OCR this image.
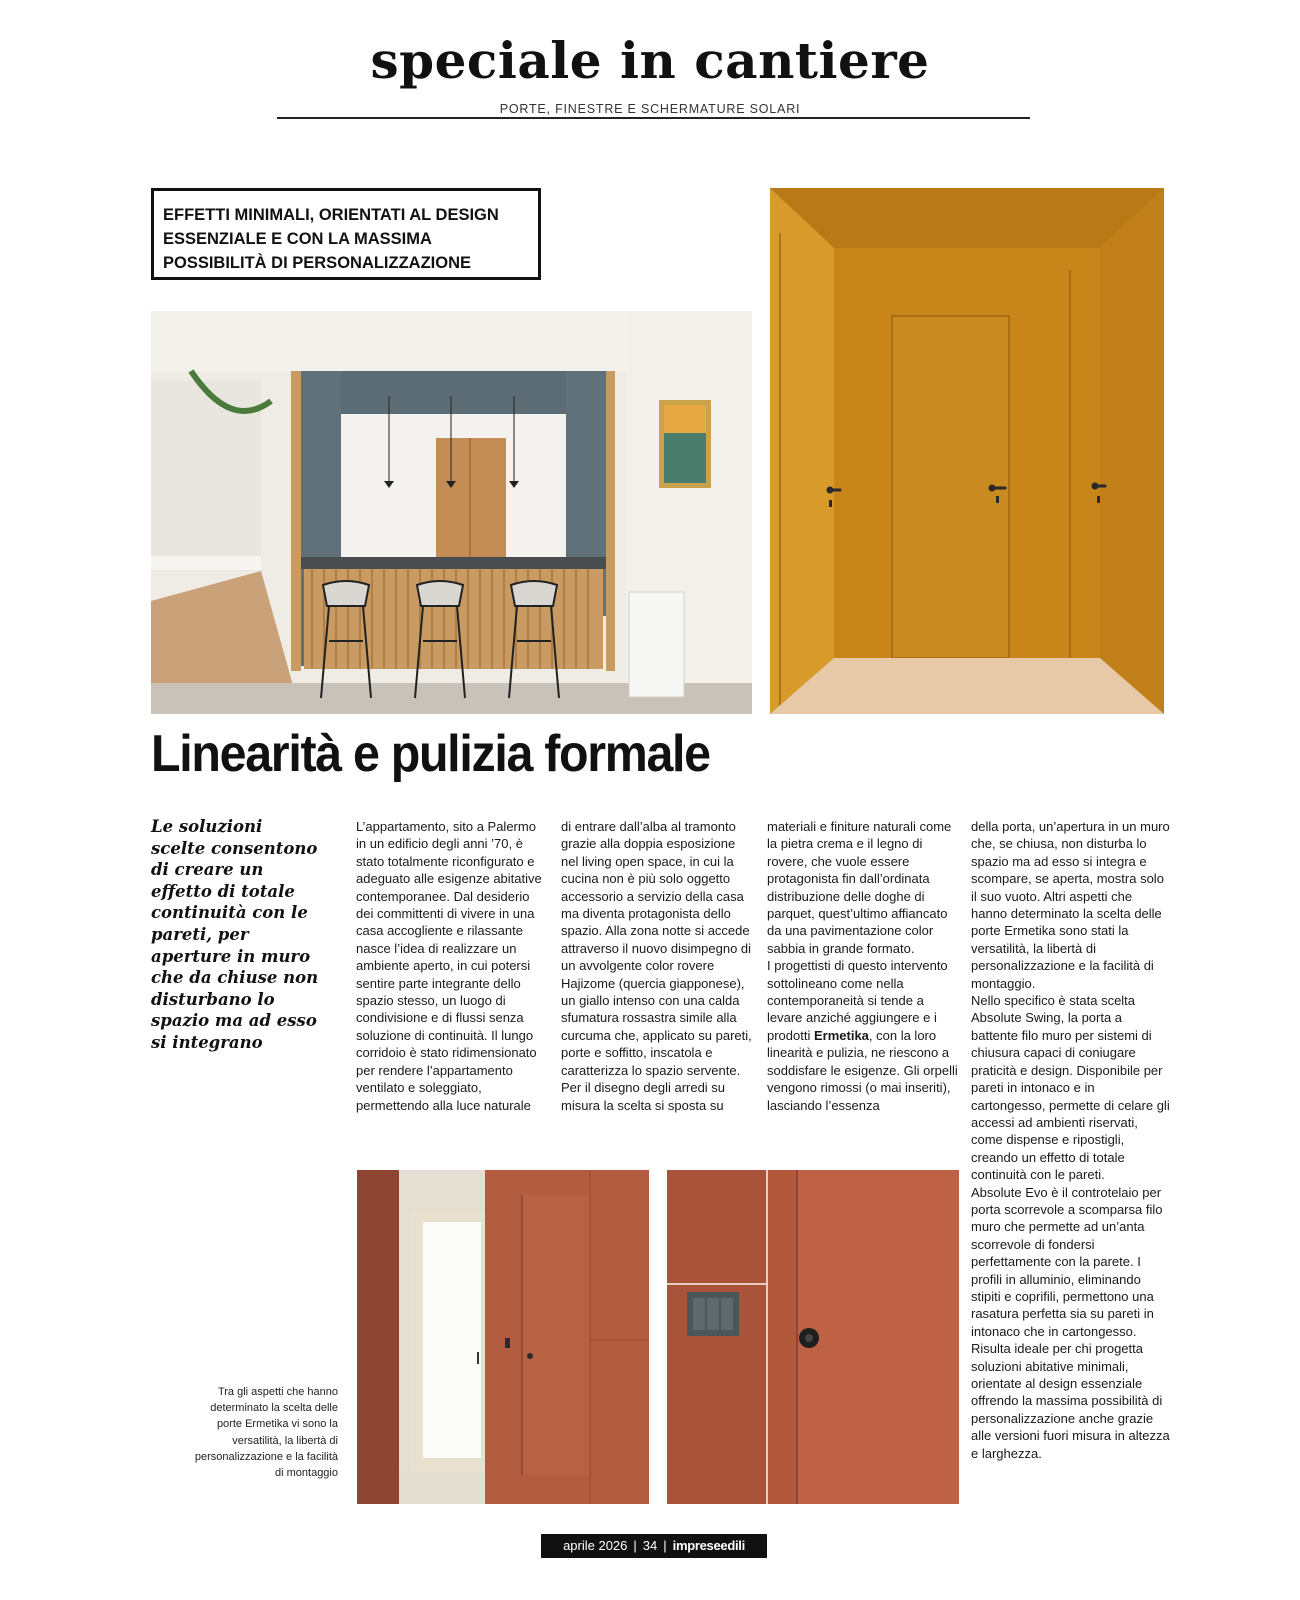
speciale in cantiere
PORTE, FINESTRE E SCHERMATURE SOLARI
EFFETTI MINIMALI, ORIENTATI AL DESIGN ESSENZIALE E CON LA MASSIMA POSSIBILITÀ DI PERSONALIZZAZIONE
Linearità e pulizia formale

Le soluzioni scelte consentono di creare un effetto di totale continuità con le pareti, per aperture in muro che da chiuse non disturbano lo spazio ma ad esso si integrano

L’appartamento, sito a Palermo in un edificio degli anni ’70, è stato totalmente riconfigurato e adeguato alle esigenze abitative contemporanee. Dal desiderio dei committenti di vivere in una casa accogliente e rilassante nasce l’idea di realizzare un ambiente aperto, in cui potersi sentire parte integrante dello spazio stesso, un luogo di condivisione e di flussi senza soluzione di continuità. Il lungo corridoio è stato ridimensionato per rendere l’appartamento ventilato e soleggiato, permettendo alla luce naturale
di entrare dall’alba al tramonto grazie alla doppia esposizione nel living open space, in cui la cucina non è più solo oggetto accessorio a servizio della casa ma diventa protagonista dello spazio. Alla zona notte si accede attraverso il nuovo disimpegno di un avvolgente color rovere Hajizome (quercia giapponese), un giallo intenso con una calda sfumatura rossastra simile alla curcuma che, applicato su pareti, porte e soffitto, inscatola e caratterizza lo spazio servente. Per il disegno degli arredi su misura la scelta si sposta su
materiali e finiture naturali come la pietra crema e il legno di rovere, che vuole essere protagonista fin dall’ordinata distribuzione delle doghe di parquet, quest’ultimo affiancato da una pavimentazione color sabbia in grande formato.
I progettisti di questo intervento sottolineano come nella contemporaneità si tende a levare anziché aggiungere e i prodotti Ermetika, con la loro linearità e pulizia, ne riescono a soddisfare le esigenze. Gli orpelli vengono rimossi (o mai inseriti), lasciando l’essenza
della porta, un’apertura in un muro che, se chiusa, non disturba lo spazio ma ad esso si integra e scompare, se aperta, mostra solo il suo vuoto. Altri aspetti che hanno determinato la scelta delle porte Ermetika sono stati la versatilità, la libertà di personalizzazione e la facilità di montaggio.
Nello specifico è stata scelta Absolute Swing, la porta a battente filo muro per sistemi di chiusura capaci di coniugare praticità e design. Disponibile per pareti in intonaco e in cartongesso, permette di celare gli accessi ad ambienti riservati, come dispense e ripostigli, creando un effetto di totale continuità con le pareti.
Absolute Evo è il controtelaio per porta scorrevole a scomparsa filo muro che permette ad un’anta scorrevole di fondersi perfettamente con la parete. I profili in alluminio, eliminando stipiti e coprifili, permettono una rasatura perfetta sia su pareti in intonaco che in cartongesso. Risulta ideale per chi progetta soluzioni abitative minimali, orientate al design essenziale offrendo la massima possibilità di personalizzazione anche grazie alle versioni fuori misura in altezza e larghezza.

Tra gli aspetti che hanno determinato la scelta delle porte Ermetika vi sono la versatilità, la libertà di personalizzazione e la facilità di montaggio

aprile 2026 | 34 | impreseedili
